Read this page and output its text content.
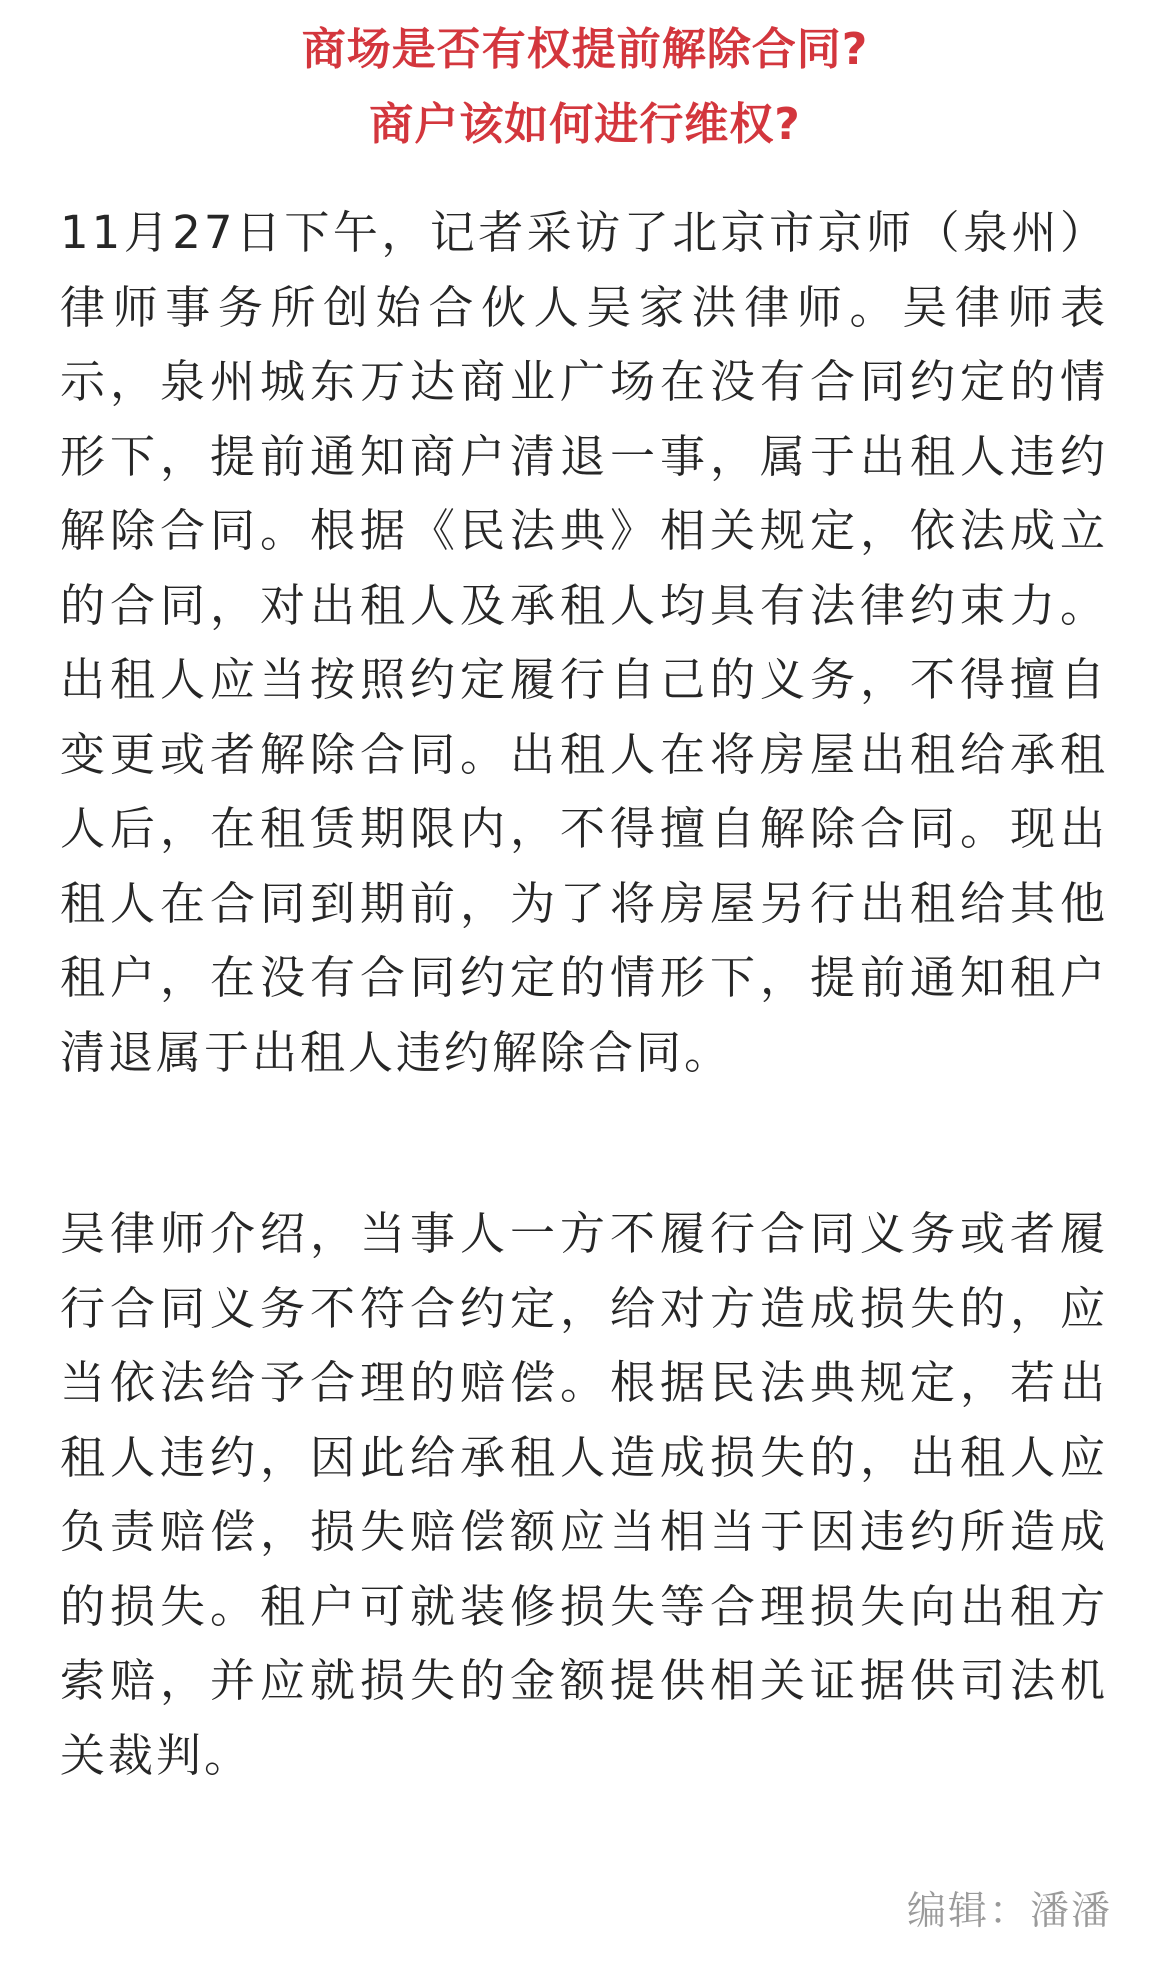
商场是否有权提前解除合同?
商户该如何进行维权?
11月27日下午，记者采访了北京市京师（泉州）律师事务所创始合伙人吴家洪律师。吴律师表示，泉州城东万达商业广场在没有合同约定的情形下，提前通知商户清退一事，属于出租人违约解除合同。根据《民法典》相关规定，依法成立的合同，对出租人及承租人均具有法律约束力。出租人应当按照约定履行自己的义务，不得擅自变更或者解除合同。出租人在将房屋出租给承租人后，在租赁期限内，不得擅自解除合同。现出租人在合同到期前，为了将房屋另行出租给其他租户，在没有合同约定的情形下，提前通知租户清退属于出租人违约解除合同。
吴律师介绍，当事人一方不履行合同义务或者履行合同义务不符合约定，给对方造成损失的，应当依法给予合理的赔偿。根据民法典规定，若出租人违约，因此给承租人造成损失的，出租人应负责赔偿，损失赔偿额应当相当于因违约所造成的损失。租户可就装修损失等合理损失向出租方索赔，并应就损失的金额提供相关证据供司法机关裁判。
编辑：潘潘
